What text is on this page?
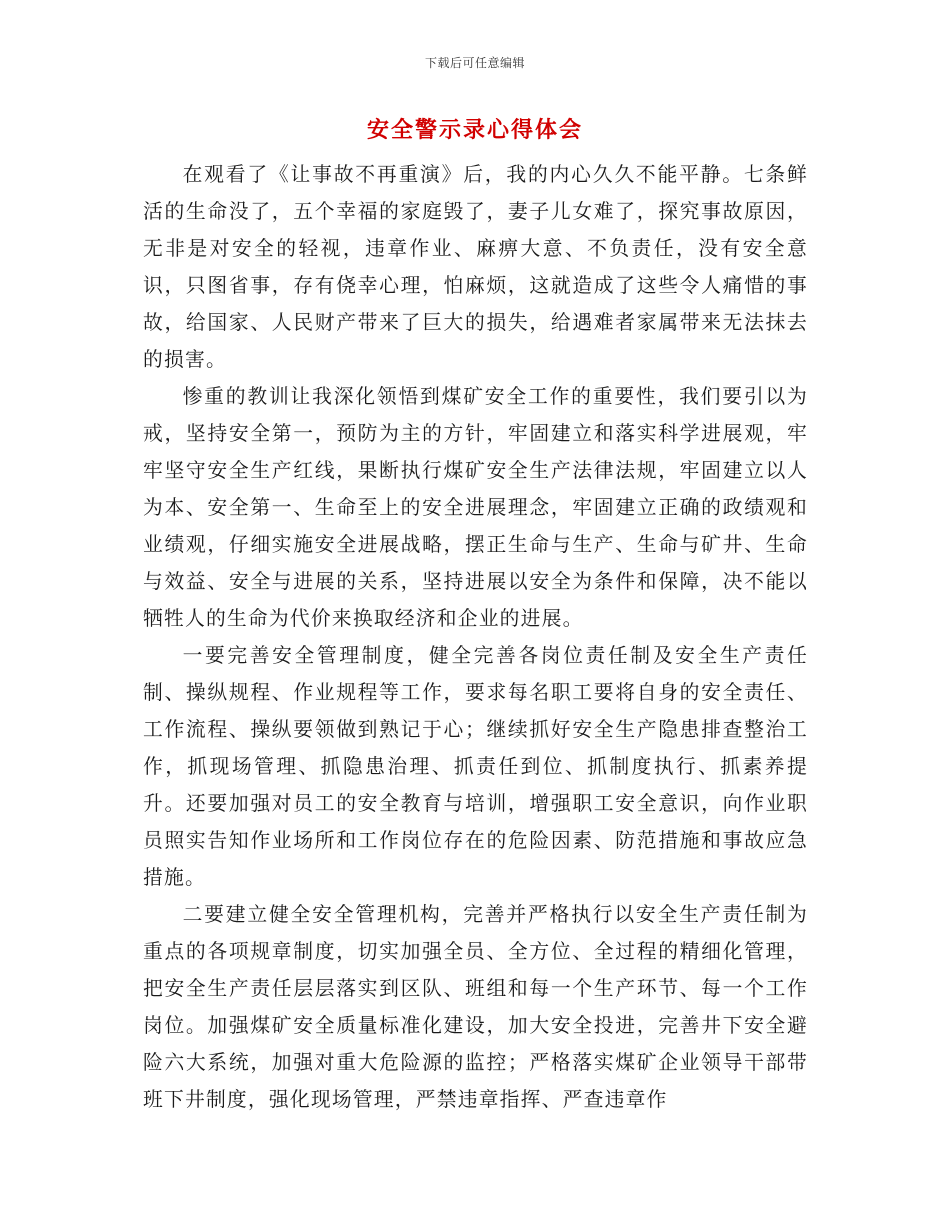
下载后可任意编辑
安全警示录心得体会

在观看了《让事故不再重演》后，我的内心久久不能平静。七条鲜活的生命没了，五个幸福的家庭毁了，妻子儿女难了，探究事故原因，无非是对安全的轻视，违章作业、麻痹大意、不负责任，没有安全意识，只图省事，存有侥幸心理，怕麻烦，这就造成了这些令人痛惜的事故，给国家、人民财产带来了巨大的损失，给遇难者家属带来无法抹去的损害。

惨重的教训让我深化领悟到煤矿安全工作的重要性，我们要引以为戒，坚持安全第一，预防为主的方针，牢固建立和落实科学进展观，牢牢坚守安全生产红线，果断执行煤矿安全生产法律法规，牢固建立以人为本、安全第一、生命至上的安全进展理念，牢固建立正确的政绩观和业绩观，仔细实施安全进展战略，摆正生命与生产、生命与矿井、生命与效益、安全与进展的关系，坚持进展以安全为条件和保障，决不能以牺牲人的生命为代价来换取经济和企业的进展。

一要完善安全管理制度，健全完善各岗位责任制及安全生产责任制、操纵规程、作业规程等工作，要求每名职工要将自身的安全责任、工作流程、操纵要领做到熟记于心；继续抓好安全生产隐患排查整治工作，抓现场管理、抓隐患治理、抓责任到位、抓制度执行、抓素养提升。还要加强对员工的安全教育与培训，增强职工安全意识，向作业职员照实告知作业场所和工作岗位存在的危险因素、防范措施和事故应急措施。

二要建立健全安全管理机构，完善并严格执行以安全生产责任制为重点的各项规章制度，切实加强全员、全方位、全过程的精细化管理，把安全生产责任层层落实到区队、班组和每一个生产环节、每一个工作岗位。加强煤矿安全质量标准化建设，加大安全投进，完善井下安全避险六大系统，加强对重大危险源的监控；严格落实煤矿企业领导干部带班下井制度，强化现场管理，严禁违章指挥、严查违章作
